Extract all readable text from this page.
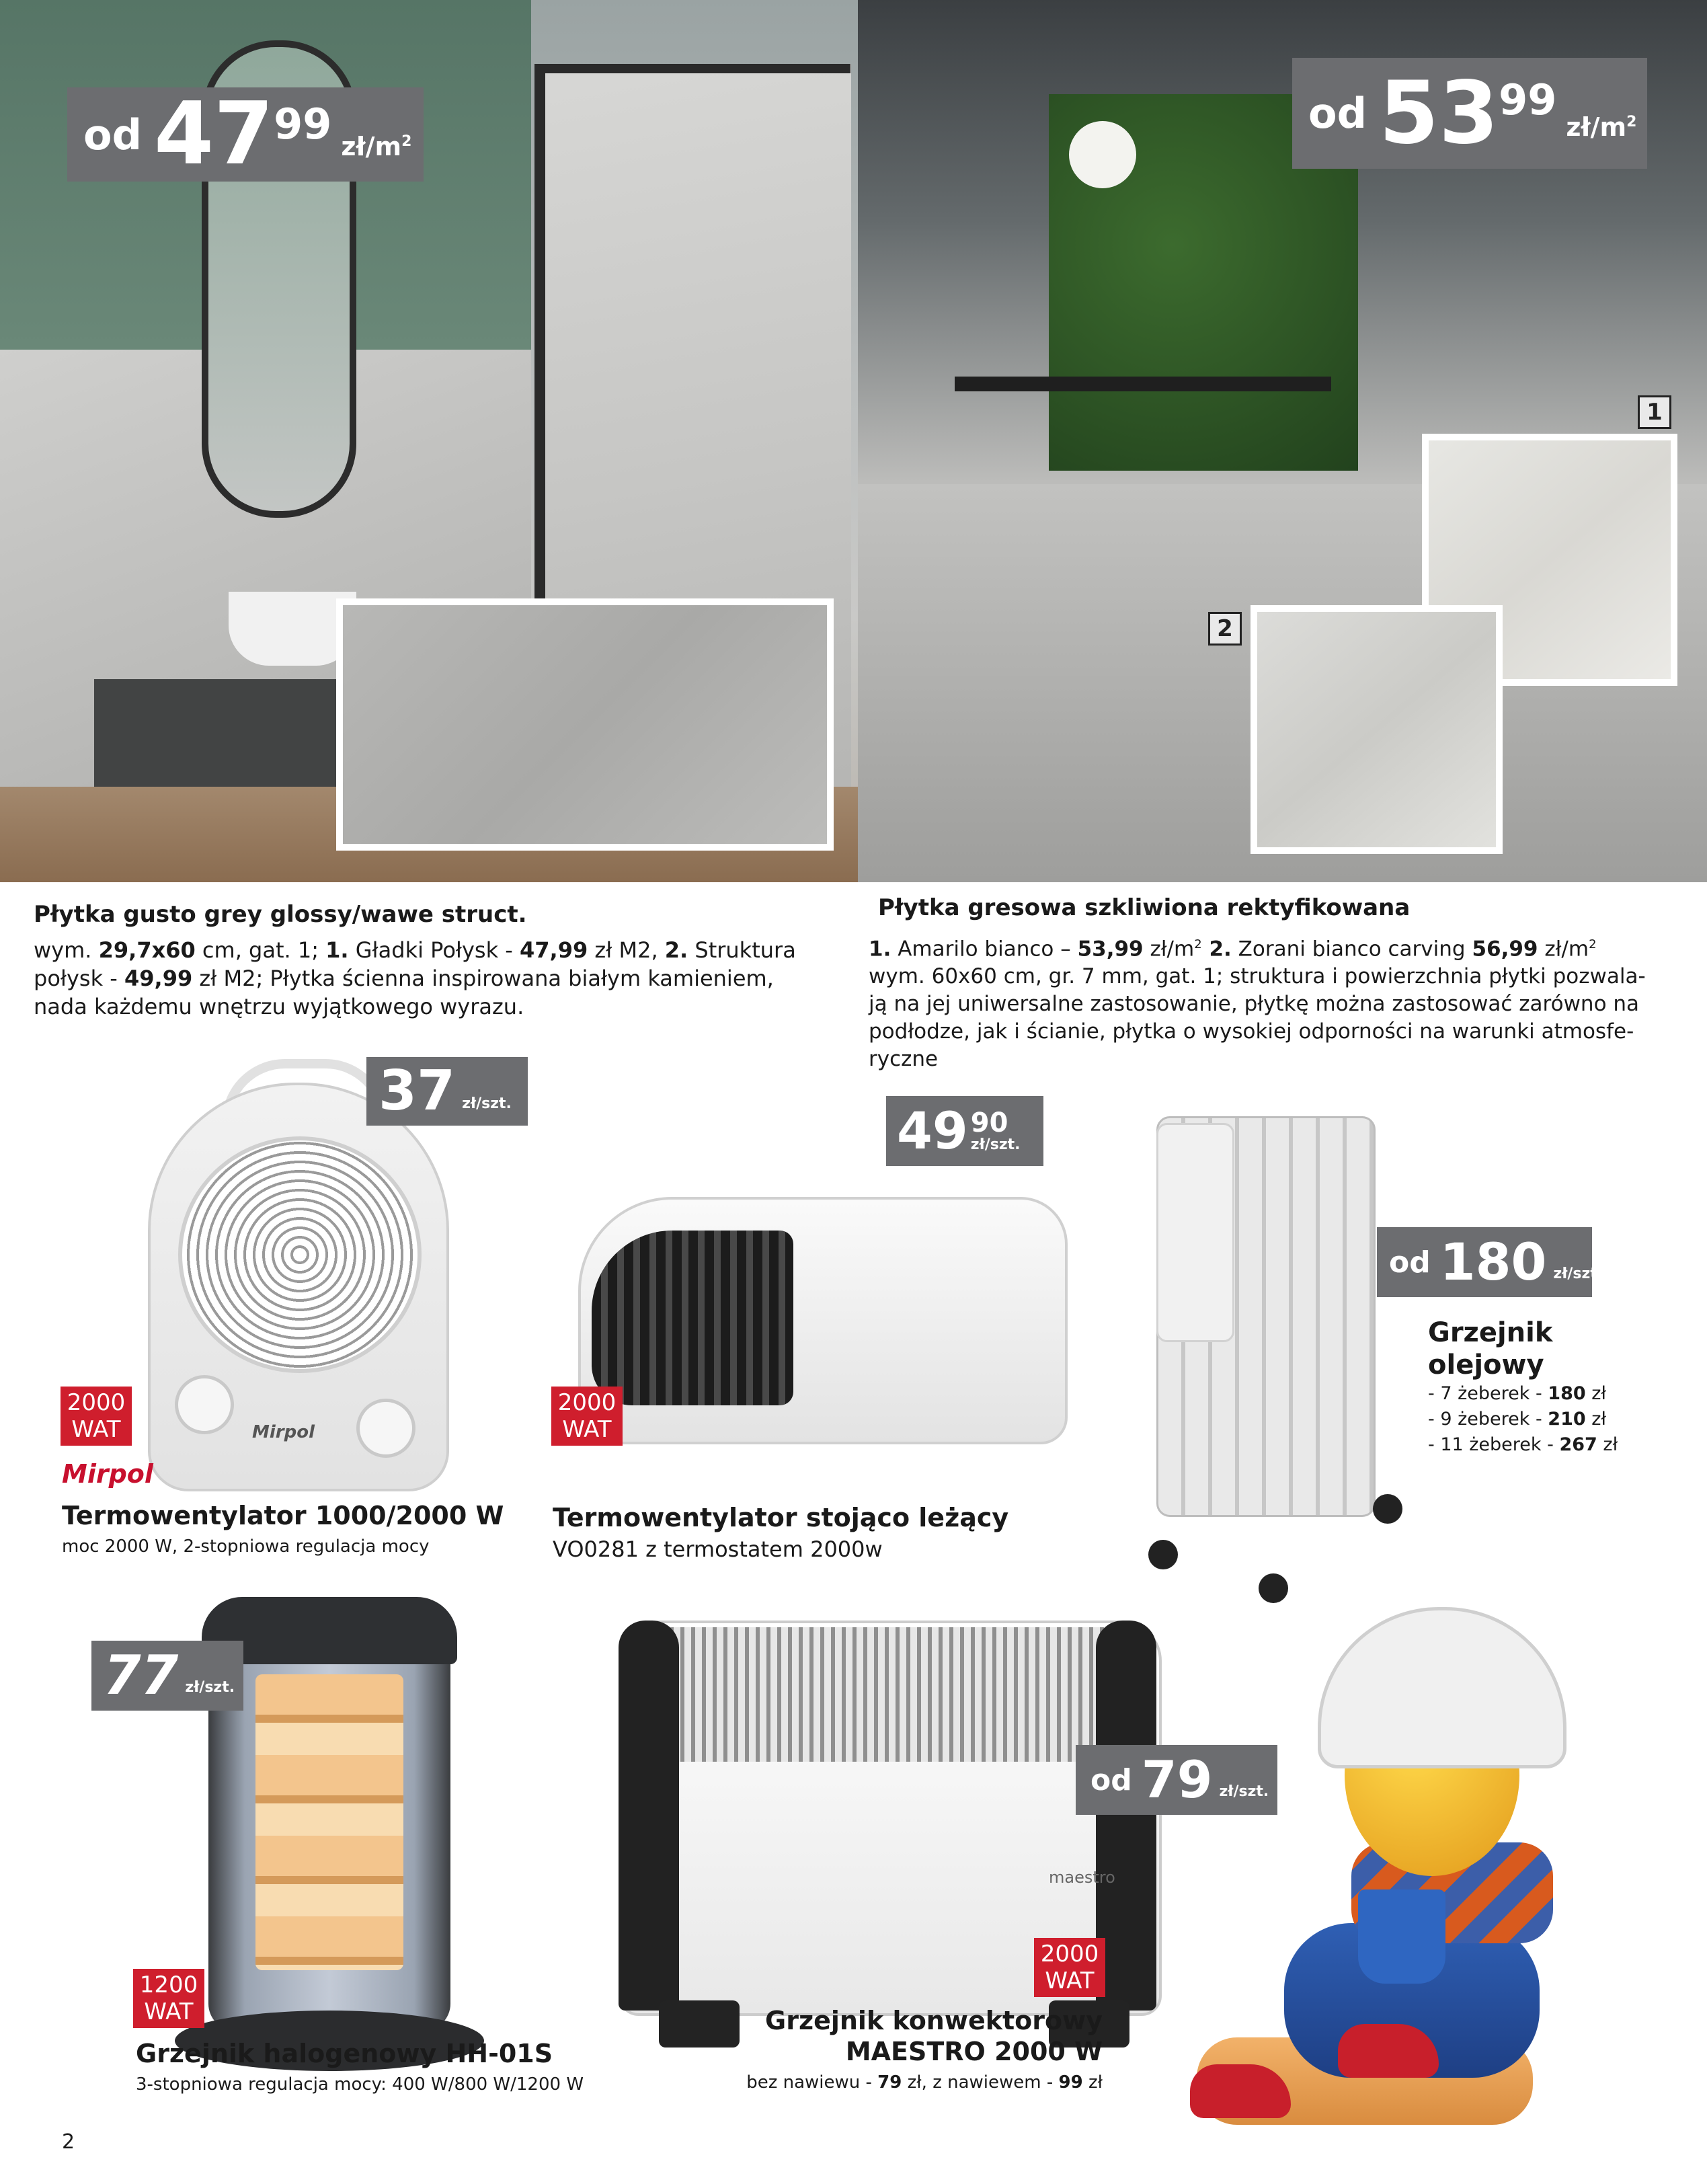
1
2
od 47 99 $zł/m^2$
od 53 99
$zł/m^2$
Płytka gusto grey glossy/wawe struct.
wym. 29,7x60 cm, gat. 1; 1. Gładki Połysk - 47,99 zł M2, 2. Struktura
połysk - 49,99 zł M2; Płytka ścienna inspirowana białym kamieniem,
nada każdemu wnętrzu wyjątkowego wyrazu.
Płytka gresowa szkliwiona rektyfikowana
1. Amarilo bianco – 53,99 $zł/m^2$ 2. Zorani bianco carving 56,99 $zł/m^2$
wym. 60x60 cm, gr. 7 mm, gat. 1; struktura i powierzchnia płytki pozwala-
ją na jej uniwersalne zastosowanie, płytkę można zastosować zarówno na
podłodze, jak i ścianie, płytka o wysokiej odporności na warunki atmosfe-
ryczne
Mirpol
37 zł/szt.
2000
WAT
Mirpol
Termowentylator 1000/2000 W
moc 2000 W, 2-stopniowa regulacja mocy
49 90
zł/szt.
2000
WAT
Termowentylator stojąco leżący
VO0281 z termostatem 2000w
od 180 zł/szt.
Grzejnik
olejowy
- 7 żeberek - 180 zł
- 9 żeberek - 210 zł
- 11 żeberek - 267 zł
77 zł/szt.
1200
WAT
Grzejnik halogenowy HH-01S
3-stopniowa regulacja mocy: 400 W/800 W/1200 W
maestro
od 79 zł/szt.
2000
WAT
Grzejnik konwektorowy
MAESTRO 2000 W
bez nawiewu - 79 zł, z nawiewem - 99 zł
2
